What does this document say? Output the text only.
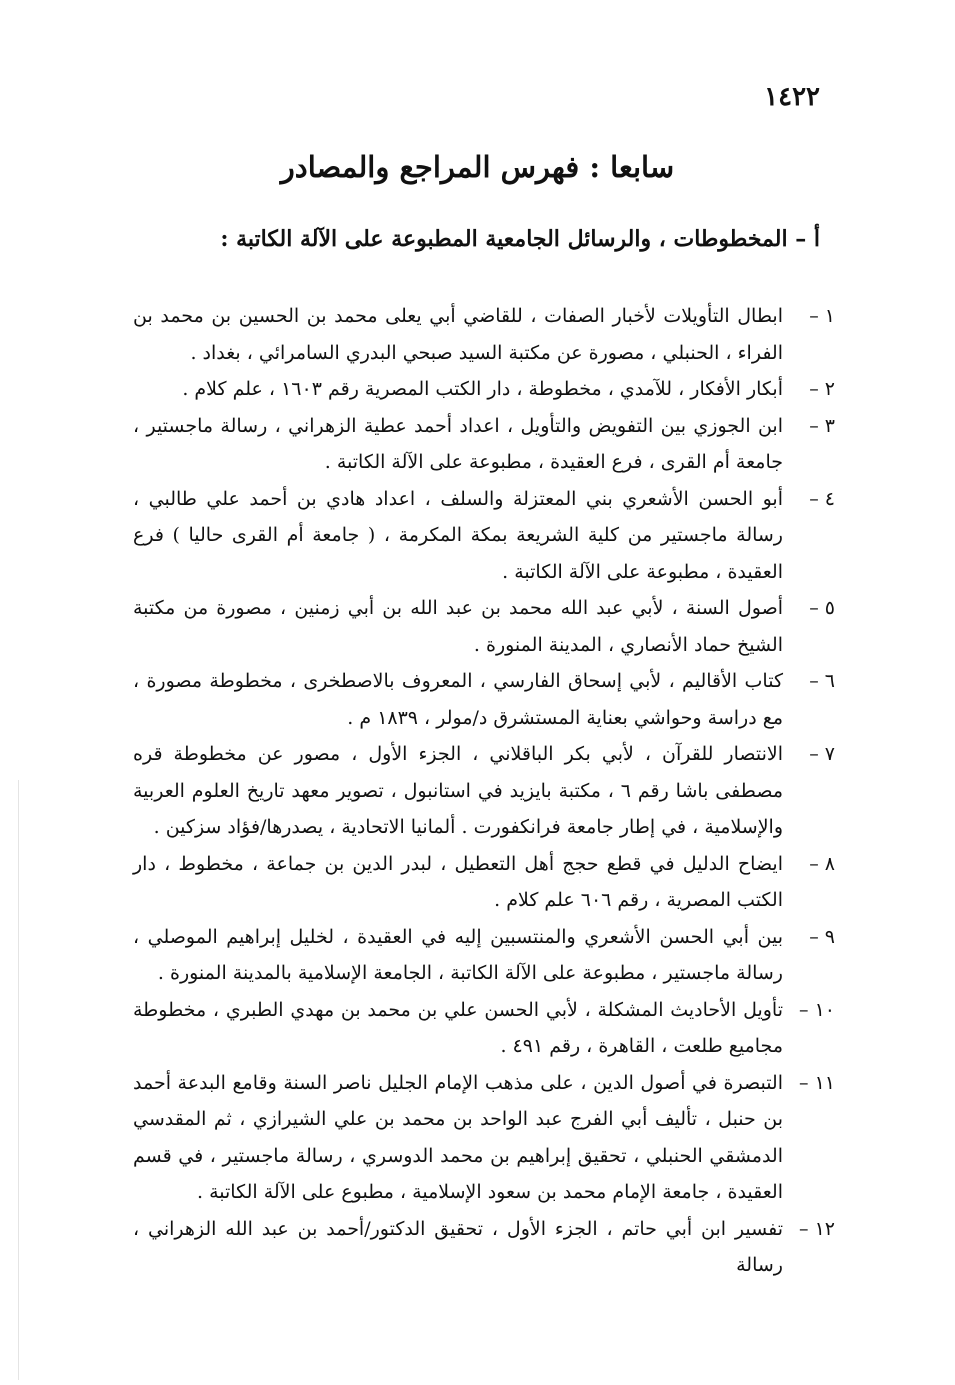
١٤٢٢
سابعا : فهرس المراجع والمصادر
أ – المخطوطات ، والرسائل الجامعية المطبوعة على الآلة الكاتبة :
١ –
ابطال التأويلات لأخبار الصفات ، للقاضي أبي يعلى محمد بن الحسين بن محمد بن الفراء ، الحنبلي ، مصورة عن مكتبة السيد صبحي البدري السامرائي ، بغداد .
٢ –
أبكار الأفكار ، للآمدي ، مخطوطة ، دار الكتب المصرية رقم ١٦٠٣ ، علم كلام .
٣ –
ابن الجوزي بين التفويض والتأويل ، اعداد أحمد عطية الزهراني ، رسالة ماجستير ، جامعة أم القرى ، فرع العقيدة ، مطبوعة على الآلة الكاتبة .
٤ –
أبو الحسن الأشعري بني المعتزلة والسلف ، اعداد هادي بن أحمد علي طالبي ، رسالة ماجستير من كلية الشريعة بمكة المكرمة ، ( جامعة أم القرى حاليا ) فرع العقيدة ، مطبوعة على الآلة الكاتبة .
٥ –
أصول السنة ، لأبي عبد الله محمد بن عبد الله بن أبي زمنين ، مصورة من مكتبة الشيخ حماد الأنصاري ، المدينة المنورة .
٦ –
كتاب الأقاليم ، لأبي إسحاق الفارسي ، المعروف بالاصطخرى ، مخطوطة مصورة ، مع دراسة وحواشي بعناية المستشرق د/مولر ، ١٨٣٩ م .
٧ –
الانتصار للقرآن ، لأبي بكر الباقلاني ، الجزء الأول ، مصور عن مخطوطة قره مصطفى باشا رقم ٦ ، مكتبة بايزيد في استانبول ، تصوير معهد تاريخ العلوم العربية والإسلامية ، في إطار جامعة فرانكفورت . ألمانيا الاتحادية ، يصدرها/فؤاد سزكين .
٨ –
ايضاح الدليل في قطع حجج أهل التعطيل ، لبدر الدين بن جماعة ، مخطوط ، دار الكتب المصرية ، رقم ٦٠٦ علم كلام .
٩ –
بين أبي الحسن الأشعري والمنتسبين إليه في العقيدة ، لخليل إبراهيم الموصلي ، رسالة ماجستير ، مطبوعة على الآلة الكاتبة ، الجامعة الإسلامية بالمدينة المنورة .
١٠ –
تأويل الأحاديث المشكلة ، لأبي الحسن علي بن محمد بن مهدي الطبري ، مخطوطة مجاميع طلعت ، القاهرة ، رقم ٤٩١ .
١١ –
التبصرة في أصول الدين ، على مذهب الإمام الجليل ناصر السنة وقامع البدعة أحمد بن حنبل ، تأليف أبي الفرج عبد الواحد بن محمد بن علي الشيرازي ، ثم المقدسي الدمشقي الحنبلي ، تحقيق إبراهيم بن محمد الدوسري ، رسالة ماجستير ، في قسم العقيدة ، جامعة الإمام محمد بن سعود الإسلامية ، مطبوع على الآلة الكاتبة .
١٢ –
تفسير ابن أبي حاتم ، الجزء الأول ، تحقيق الدكتور/أحمد بن عبد الله الزهراني ، رسالة
